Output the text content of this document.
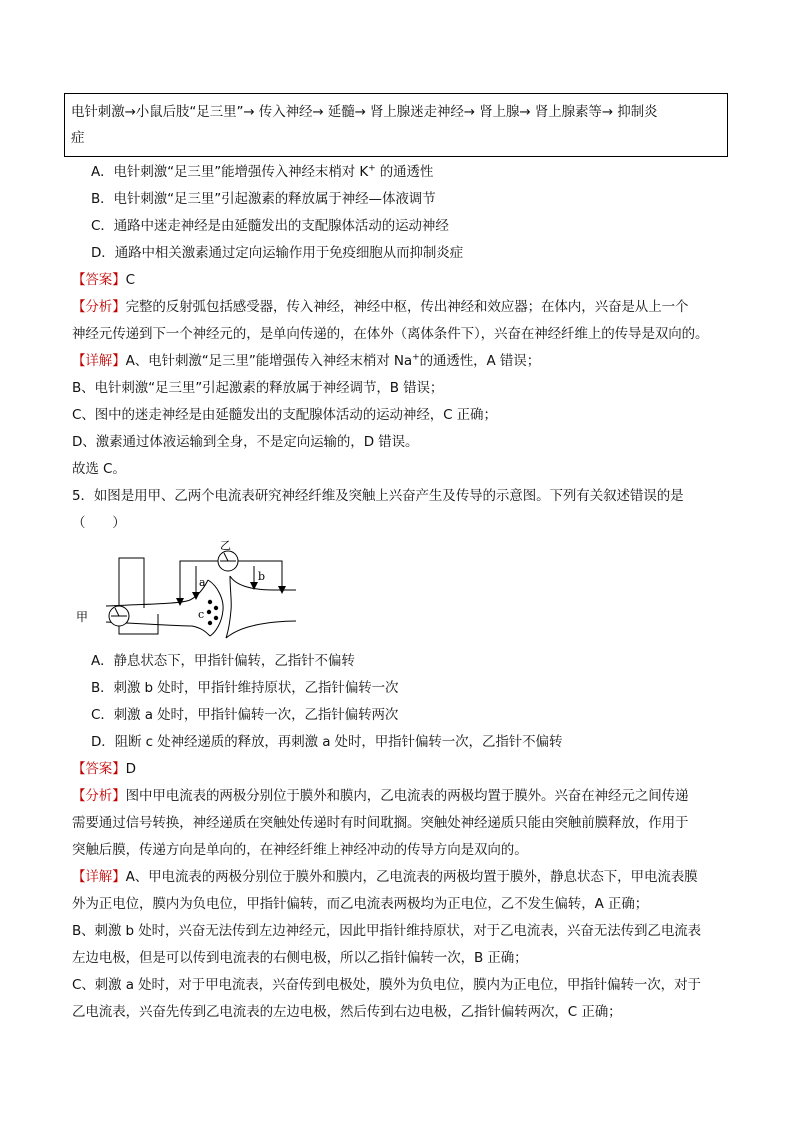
电针刺激→小鼠后肢“足三里”→ 传入神经→ 延髓→ 肾上腺迷走神经→ 肾上腺→ 肾上腺素等→ 抑制炎
症
A．电针刺激“足三里”能增强传入神经末梢对 K+ 的通透性
B．电针刺激“足三里”引起激素的释放属于神经—体液调节
C．通路中迷走神经是由延髓发出的支配腺体活动的运动神经
D．通路中相关激素通过定向运输作用于免疫细胞从而抑制炎症
【答案】C
【分析】完整的反射弧包括感受器，传入神经，神经中枢，传出神经和效应器；在体内，兴奋是从上一个
神经元传递到下一个神经元的，是单向传递的，在体外（离体条件下），兴奋在神经纤维上的传导是双向的。
【详解】A、电针刺激“足三里”能增强传入神经末梢对 Na+的通透性，A 错误；
B、电针刺激“足三里”引起激素的释放属于神经调节，B 错误；
C、图中的迷走神经是由延髓发出的支配腺体活动的运动神经，C 正确；
D、激素通过体液运输到全身，不是定向运输的，D 错误。
故选 C。
5．如图是用甲、乙两个电流表研究神经纤维及突触上兴奋产生及传导的示意图。下列有关叙述错误的是
（　　）
甲
乙
a	b
c
A．静息状态下，甲指针偏转，乙指针不偏转
B．刺激 b 处时，甲指针维持原状，乙指针偏转一次
C．刺激 a 处时，甲指针偏转一次，乙指针偏转两次
D．阻断 c 处神经递质的释放，再刺激 a 处时，甲指针偏转一次，乙指针不偏转
【答案】D
【分析】图中甲电流表的两极分别位于膜外和膜内，乙电流表的两极均置于膜外。兴奋在神经元之间传递
需要通过信号转换，神经递质在突触处传递时有时间耽搁。突触处神经递质只能由突触前膜释放，作用于
突触后膜，传递方向是单向的，在神经纤维上神经冲动的传导方向是双向的。
【详解】A、甲电流表的两极分别位于膜外和膜内，乙电流表的两极均置于膜外，静息状态下，甲电流表膜
外为正电位，膜内为负电位，甲指针偏转，而乙电流表两极均为正电位，乙不发生偏转，A 正确；
B、刺激 b 处时，兴奋无法传到左边神经元，因此甲指针维持原状，对于乙电流表，兴奋无法传到乙电流表
左边电极，但是可以传到电流表的右侧电极，所以乙指针偏转一次，B 正确；
C、刺激 a 处时，对于甲电流表，兴奋传到电极处，膜外为负电位，膜内为正电位，甲指针偏转一次，对于
乙电流表，兴奋先传到乙电流表的左边电极，然后传到右边电极，乙指针偏转两次，C 正确；
